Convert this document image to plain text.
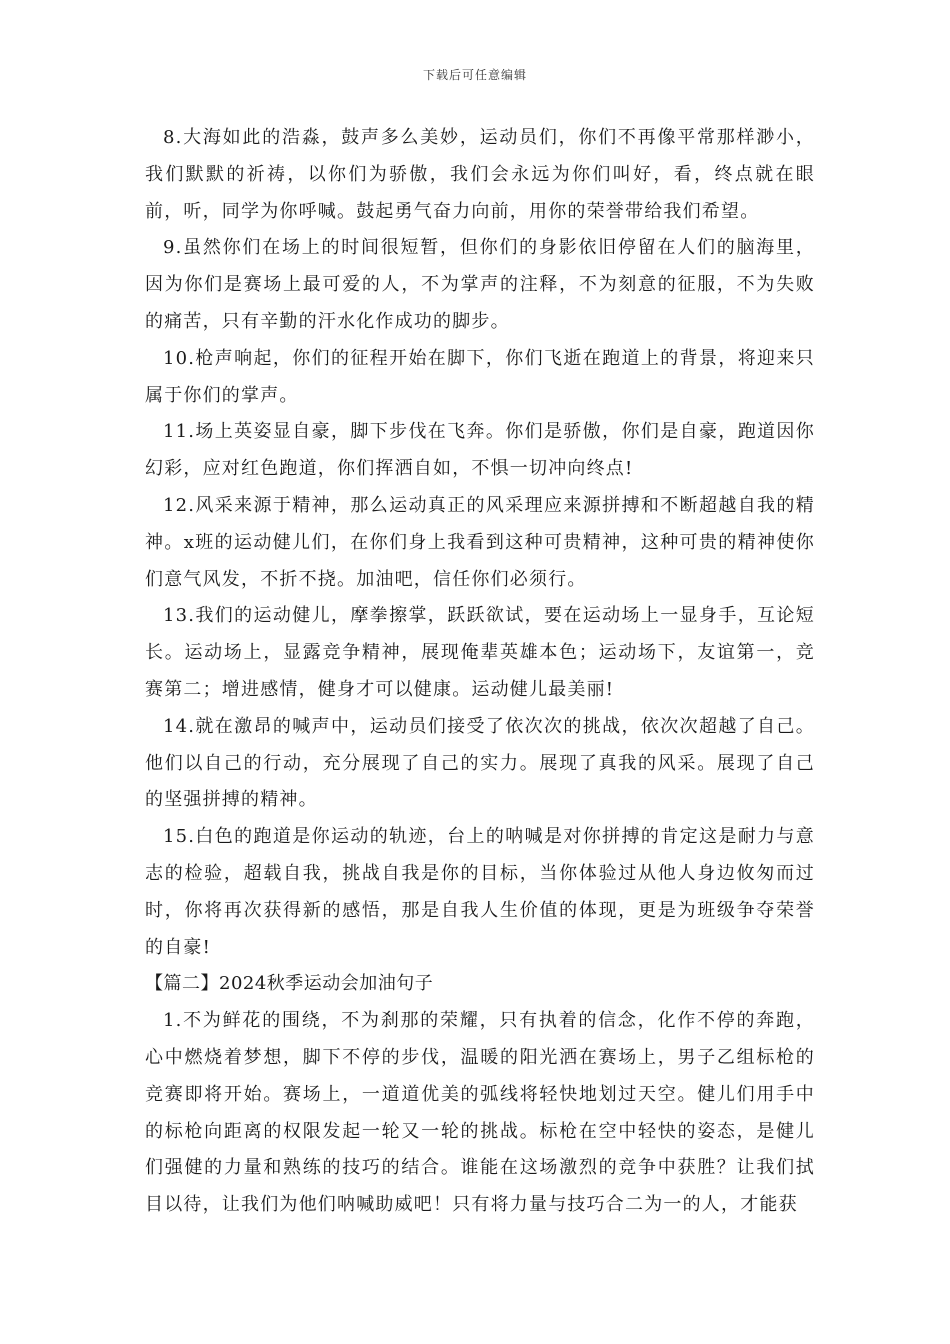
下载后可任意编辑

8.大海如此的浩淼，鼓声多么美妙，运动员们，你们不再像平常那样渺小，我们默默的祈祷，以你们为骄傲，我们会永远为你们叫好，看，终点就在眼前，听，同学为你呼喊。鼓起勇气奋力向前，用你的荣誉带给我们希望。

9.虽然你们在场上的时间很短暂，但你们的身影依旧停留在人们的脑海里，因为你们是赛场上最可爱的人，不为掌声的注释，不为刻意的征服，不为失败的痛苦，只有辛勤的汗水化作成功的脚步。

10.枪声响起，你们的征程开始在脚下，你们飞逝在跑道上的背景，将迎来只属于你们的掌声。

11.场上英姿显自豪，脚下步伐在飞奔。你们是骄傲，你们是自豪，跑道因你幻彩，应对红色跑道，你们挥洒自如，不惧一切冲向终点!

12.风采来源于精神，那么运动真正的风采理应来源拼搏和不断超越自我的精神。x班的运动健儿们，在你们身上我看到这种可贵精神，这种可贵的精神使你们意气风发，不折不挠。加油吧，信任你们必须行。

13.我们的运动健儿，摩拳擦掌，跃跃欲试，要在运动场上一显身手，互论短长。运动场上，显露竞争精神，展现俺辈英雄本色；运动场下，友谊第一，竞赛第二；增进感情，健身才可以健康。运动健儿最美丽!

14.就在激昂的喊声中，运动员们接受了依次次的挑战，依次次超越了自己。他们以自己的行动，充分展现了自己的实力。展现了真我的风采。展现了自己的坚强拼搏的精神。

15.白色的跑道是你运动的轨迹，台上的呐喊是对你拼搏的肯定这是耐力与意志的检验，超载自我，挑战自我是你的目标，当你体验过从他人身边攸匆而过时，你将再次获得新的感悟，那是自我人生价值的体现，更是为班级争夺荣誉的自豪!

【篇二】2024秋季运动会加油句子

1.不为鲜花的围绕，不为刹那的荣耀，只有执着的信念，化作不停的奔跑，心中燃烧着梦想，脚下不停的步伐，温暖的阳光洒在赛场上，男子乙组标枪的竞赛即将开始。赛场上，一道道优美的弧线将轻快地划过天空。健儿们用手中的标枪向距离的权限发起一轮又一轮的挑战。标枪在空中轻快的姿态，是健儿们强健的力量和熟练的技巧的结合。谁能在这场激烈的竞争中获胜？让我们拭目以待，让我们为他们呐喊助威吧！只有将力量与技巧合二为一的人，才能获
